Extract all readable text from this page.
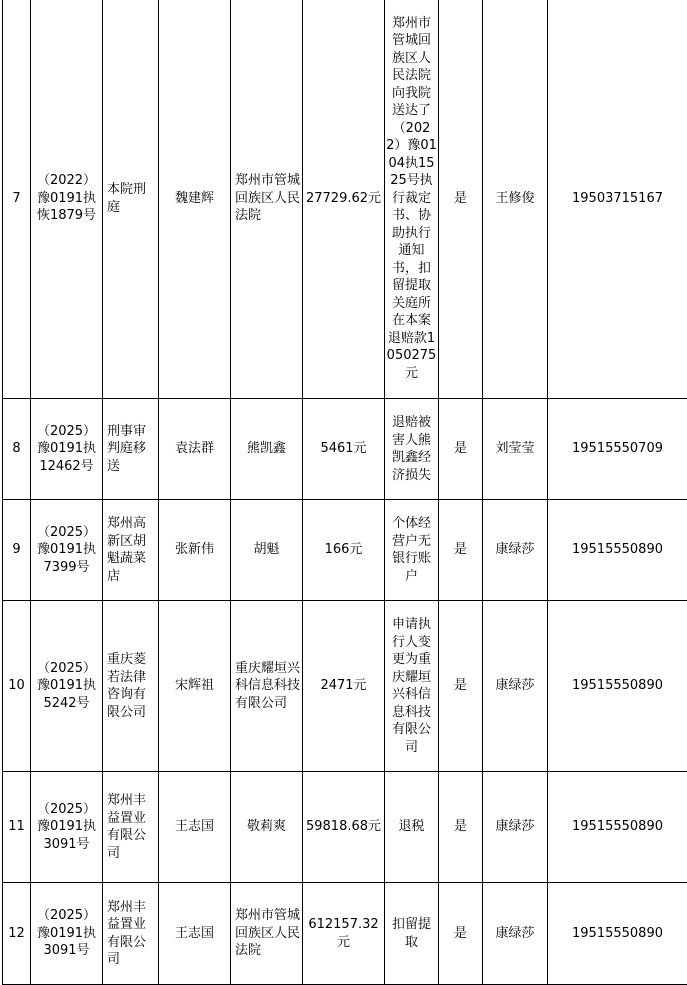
7	（2022）豫0191执恢1879号	本院刑庭	魏建辉	郑州市管城回族区人民法院	27729.62元	郑州市管城回族区人民法院向我院送达了（2022）豫0104执1525号执行裁定书、协助执行通知书，扣留提取关庭所在本案退赔款1050275元	是	王修俊	19503715167
8	（2025）豫0191执12462号	刑事审判庭移送	袁法群	熊凯鑫	5461元	退赔被害人熊凯鑫经济损失	是	刘莹莹	19515550709
9	（2025）豫0191执7399号	郑州高新区胡魁蔬菜店	张新伟	胡魁	166元	个体经营户无银行账户	是	康绿莎	19515550890
10	（2025）豫0191执5242号	重庆菱若法律咨询有限公司	宋辉祖	重庆耀垣兴科信息科技有限公司	2471元	申请执行人变更为重庆耀垣兴科信息科技有限公司	是	康绿莎	19515550890
11	（2025）豫0191执3091号	郑州丰益置业有限公司	王志国	敬莉爽	59818.68元	退税	是	康绿莎	19515550890
12	（2025）豫0191执3091号	郑州丰益置业有限公司	王志国	郑州市管城回族区人民法院	612157.32元	扣留提取	是	康绿莎	19515550890
